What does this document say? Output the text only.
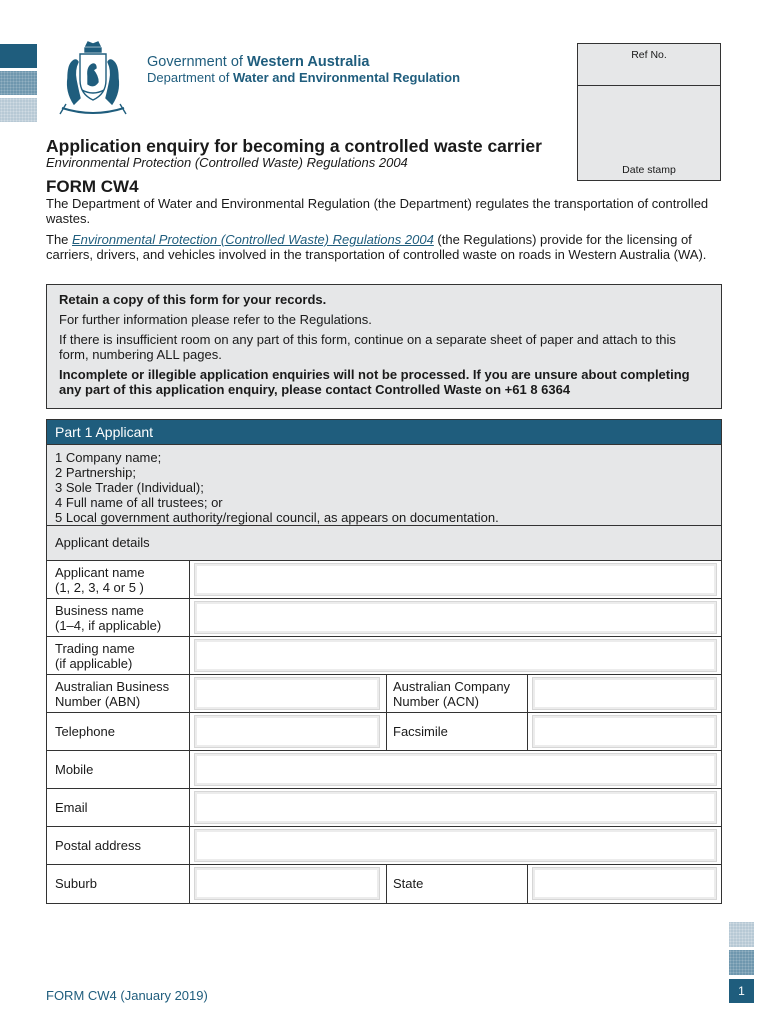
Government of Western Australia
Department of Water and Environmental Regulation
Ref No.
Date stamp
Application enquiry for becoming a controlled waste carrier
Environmental Protection (Controlled Waste) Regulations 2004
FORM CW4
The Department of Water and Environmental Regulation (the Department) regulates the transportation of controlled wastes.
The Environmental Protection (Controlled Waste) Regulations 2004 (the Regulations) provide for the licensing of carriers, drivers, and vehicles involved in the transportation of controlled waste on roads in Western Australia (WA).

Retain a copy of this form for your records.

For further information please refer to the Regulations.

If there is insufficient room on any part of this form, continue on a separate sheet of paper and attach to this form, numbering ALL pages.

Incomplete or illegible application enquiries will not be processed. If you are unsure about completing any part of this application enquiry, please contact Controlled Waste on +61 8 6364

Part 1 Applicant
1 Company name;
2 Partnership;
3 Sole Trader (Individual);
4 Full name of all trustees; or
5 Local government authority/regional council, as appears on documentation.
Applicant details
Applicant name
(1, 2, 3, 4 or 5 )
Business name
(1–4, if applicable)
Trading name
(if applicable)
Australian Business
Number (ABN)
Australian Company
Number (ACN)
Telephone	Facsimile
Mobile
Email
Postal address
Suburb	State
1
FORM CW4 (January 2019)
